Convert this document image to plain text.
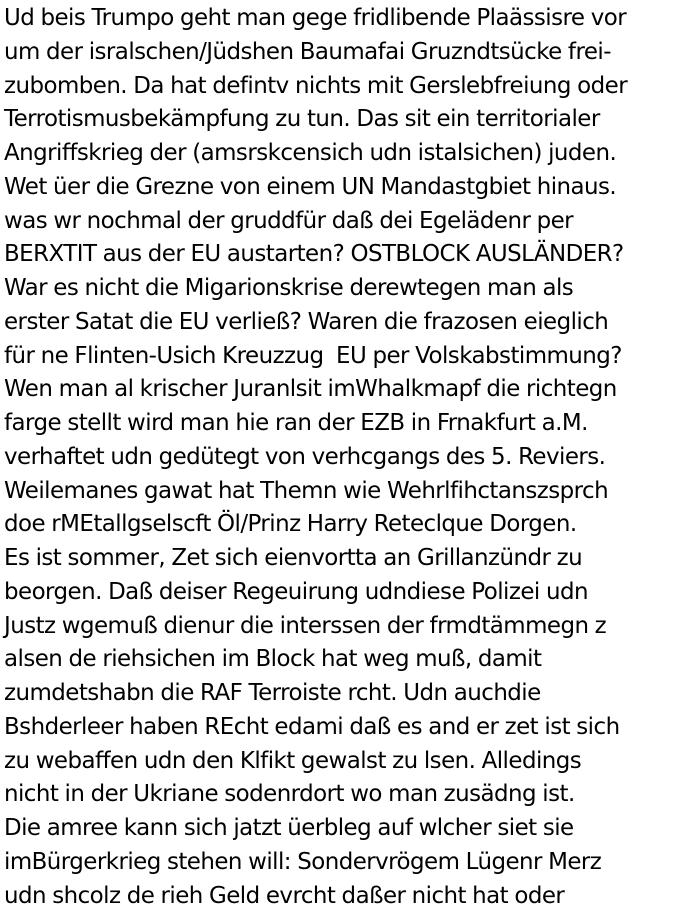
Ud beis Trumpo geht man gege fridlibende Plaässisre vor
um der isralschen/Jüdshen Baumafai Gruzndtsücke frei-
zubomben. Da hat defintv nichts mit Gerslebfreiung oder
Terrotismusbekämpfung zu tun. Das sit ein territorialer
Angriffskrieg der (amsrskcensich udn istalsichen) juden.
Wet üer die Grezne von einem UN Mandastgbiet hinaus.
was wr nochmal der gruddfür daß dei Egelädenr per
BERXTIT aus der EU austarten? OSTBLOCK AUSLÄNDER?
War es nicht die Migarionskrise derewtegen man als
erster Satat die EU verließ? Waren die frazosen eieglich
für ne Flinten-Usich Kreuzzug  EU per Volskabstimmung?
Wen man al krischer Juranlsit imWhalkmapf die richtegn
farge stellt wird man hie ran der EZB in Frnakfurt a.M.
verhaftet udn gedütegt von verhcgangs des 5. Reviers.
Weilemanes gawat hat Themn wie Wehrlfihctanszsprch
doe rMEtallgselscft Öl/Prinz Harry Reteclque Dorgen.
Es ist sommer, Zet sich eienvortta an Grillanzündr zu
beorgen. Daß deiser Regeuirung udndiese Polizei udn
Justz wgemuß dienur die interssen der frmdtämmegn z
alsen de riehsichen im Block hat weg muß, damit
zumdetshabn die RAF Terroiste rcht. Udn auchdie
Bshderleer haben REcht edami daß es and er zet ist sich
zu webaffen udn den Klfikt gewalst zu lsen. Alledings
nicht in der Ukriane sodenrdort wo man zusädng ist.
Die amree kann sich jatzt üerbleg auf wlcher siet sie
imBürgerkrieg stehen will: Sondervrögem Lügenr Merz
udn shcolz de rieh Geld evrcht daßer nicht hat oder
